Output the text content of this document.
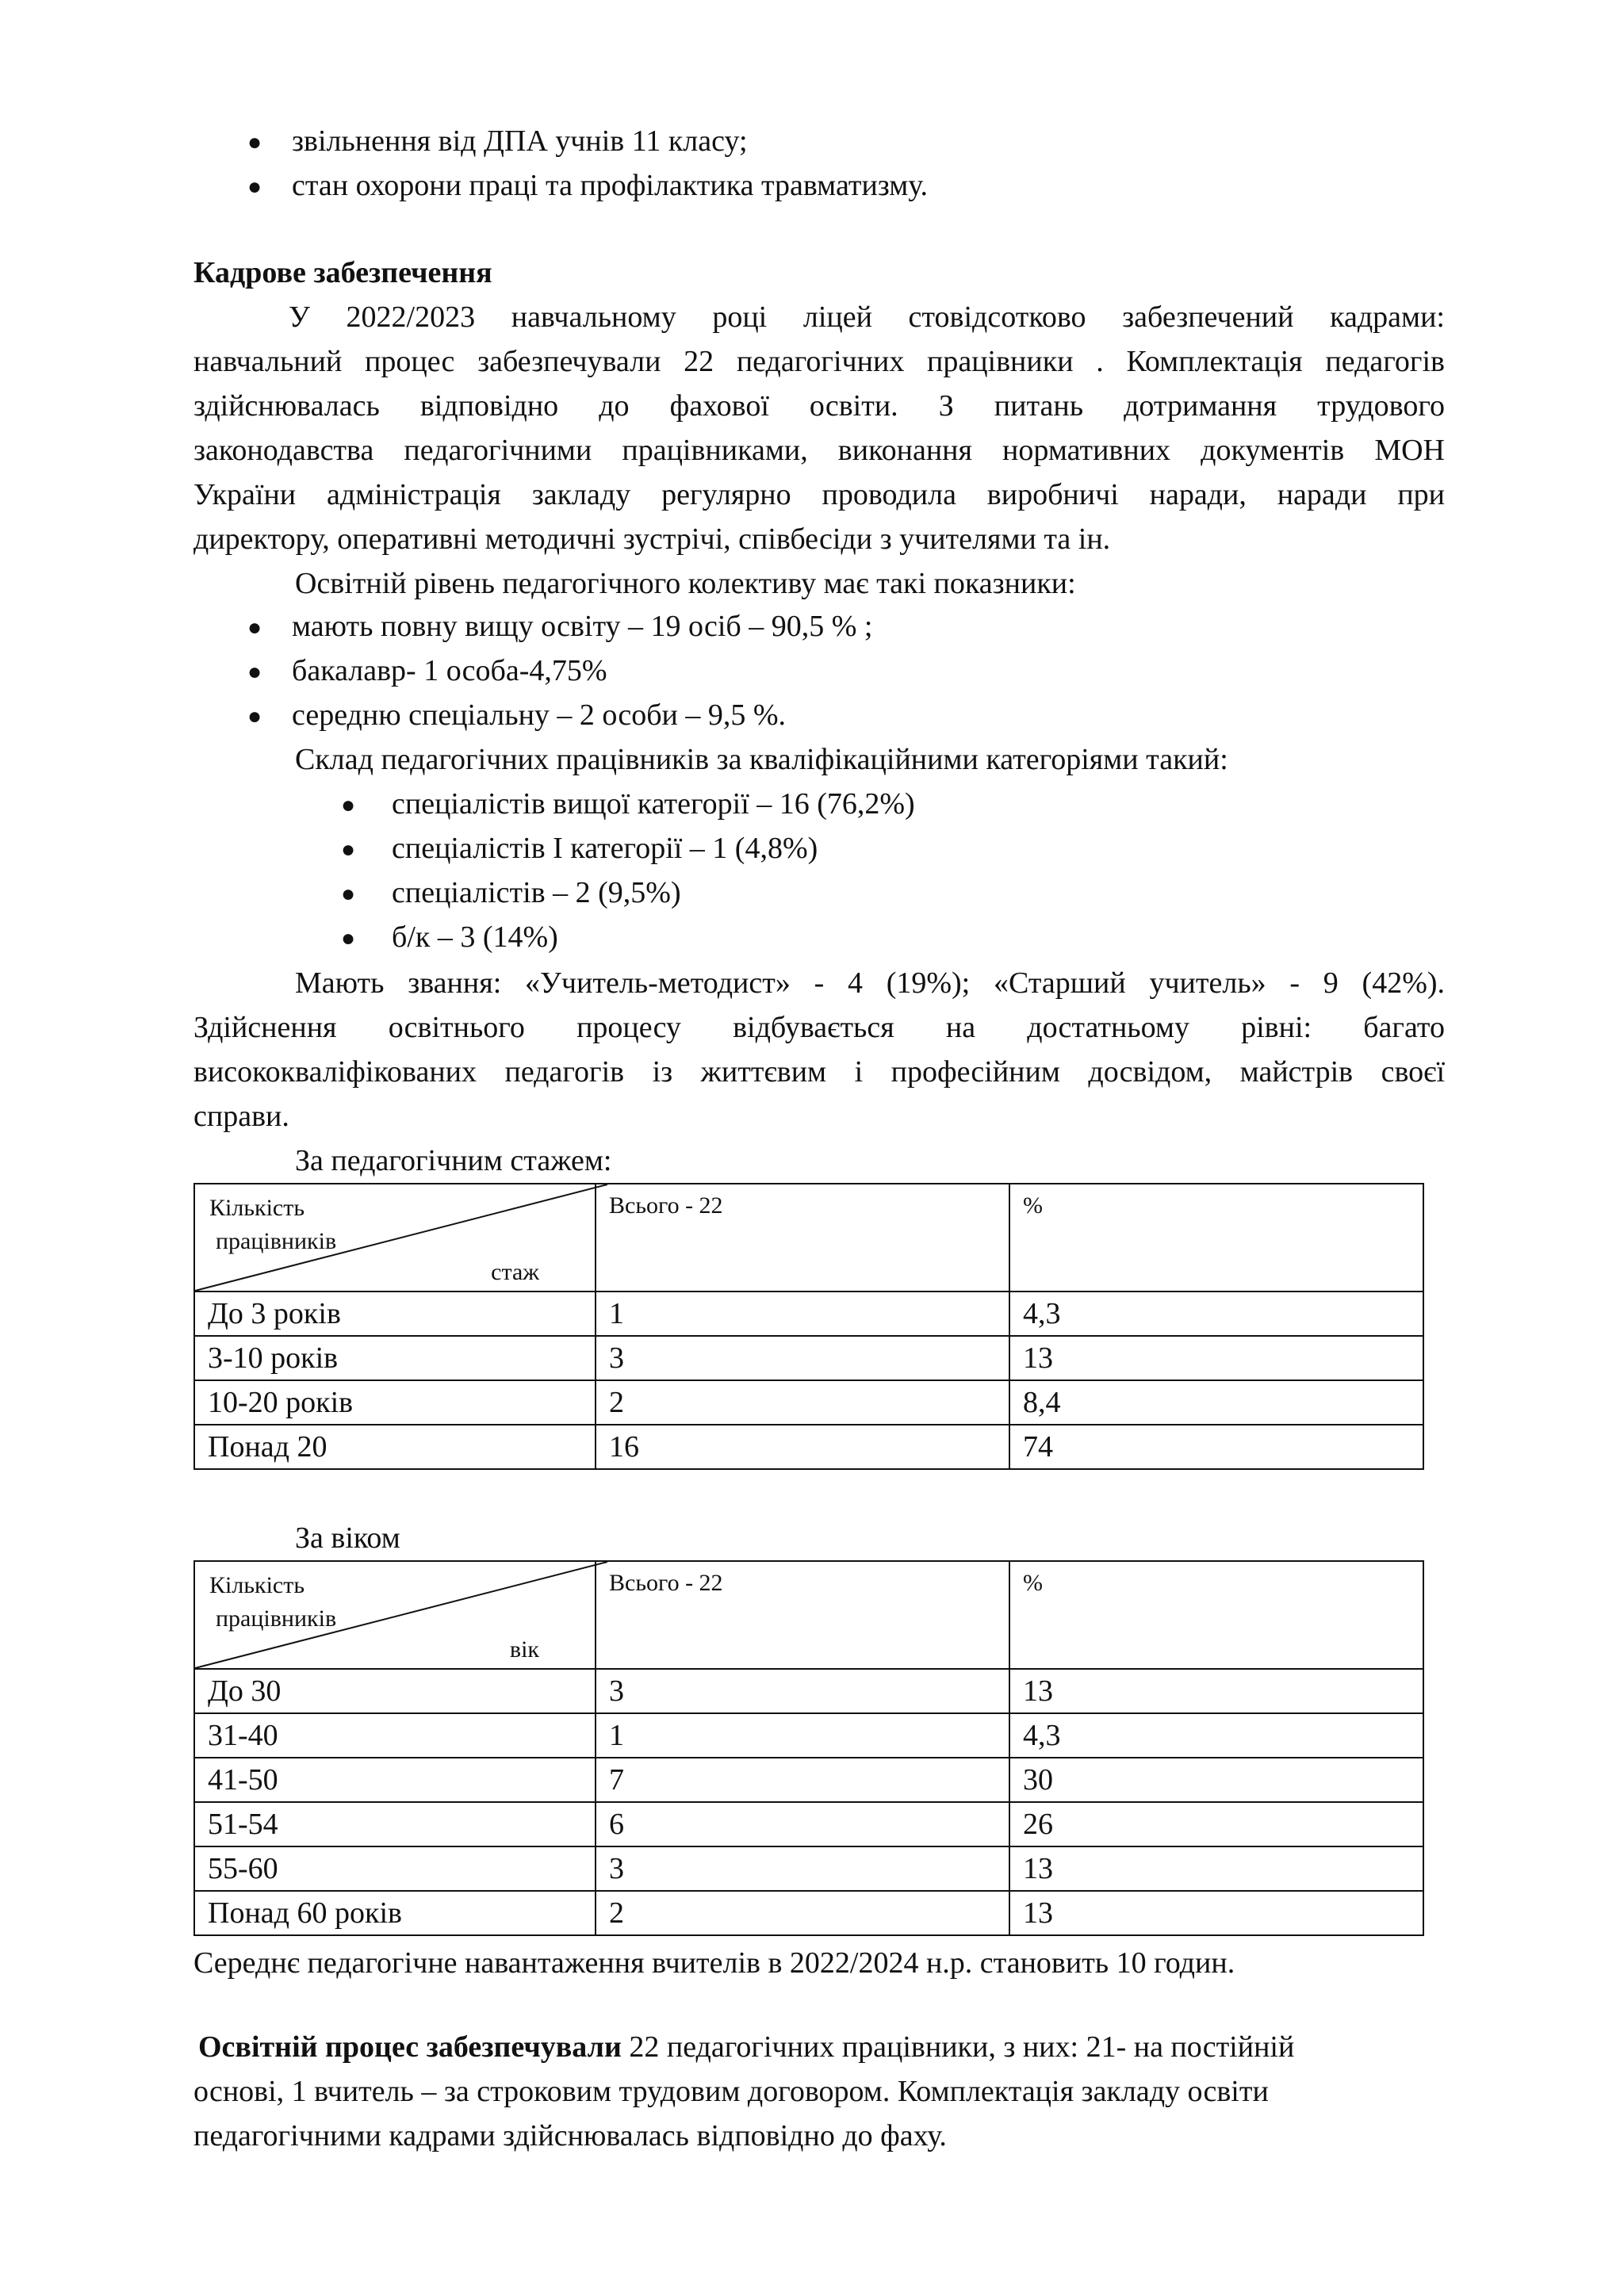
● звільнення від ДПА учнів 11 класу;
● стан охорони праці та профілактика травматизму.
Кадрове забезпечення
У 2022/2023 навчальному році ліцей стовідсотково забезпечений кадрами:
навчальний процес забезпечували 22 педагогічних працівники . Комплектація педагогів
здійснювалась відповідно до фахової освіти. З питань дотримання трудового
законодавства педагогічними працівниками, виконання нормативних документів МОН
України адміністрація закладу регулярно проводила виробничі наради, наради при
директору, оперативні методичні зустрічі, співбесіди з учителями та ін.
Освітній рівень педагогічного колективу має такі показники:
● мають повну вищу освіту – 19 осіб – 90,5 % ;
● бакалавр- 1 особа-4,75%
● середню спеціальну – 2 особи – 9,5 %.
Склад педагогічних працівників за кваліфікаційними категоріями такий:
● спеціалістів вищої категорії – 16 (76,2%)
● спеціалістів І категорії – 1 (4,8%)
● спеціалістів – 2 (9,5%)
● б/к – 3 (14%)
Мають звання: «Учитель-методист» - 4 (19%); «Старший учитель» - 9 (42%).
Здійснення освітнього процесу відбувається на достатньому рівні: багато
висококваліфікованих педагогів із життєвим і професійним досвідом, майстрів своєї
справи.
За педагогічним стажем:
Кількість
працівників
стаж	Всього - 22	%
До 3 років	1	4,3
3-10 років	3	13
10-20 років	2	8,4
Понад 20	16	74
За віком
Кількість
працівників
вік	Всього - 22	%
До 30	3	13
31-40	1	4,3
41-50	7	30
51-54	6	26
55-60	3	13
Понад 60 років	2	13
Середнє педагогічне навантаження вчителів в 2022/2024 н.р. становить 10 годин.
Освітній процес забезпечували 22 педагогічних працівники, з них: 21- на постійній
основі, 1 вчитель – за строковим трудовим договором. Комплектація закладу освіти
педагогічними кадрами здійснювалась відповідно до фаху.
